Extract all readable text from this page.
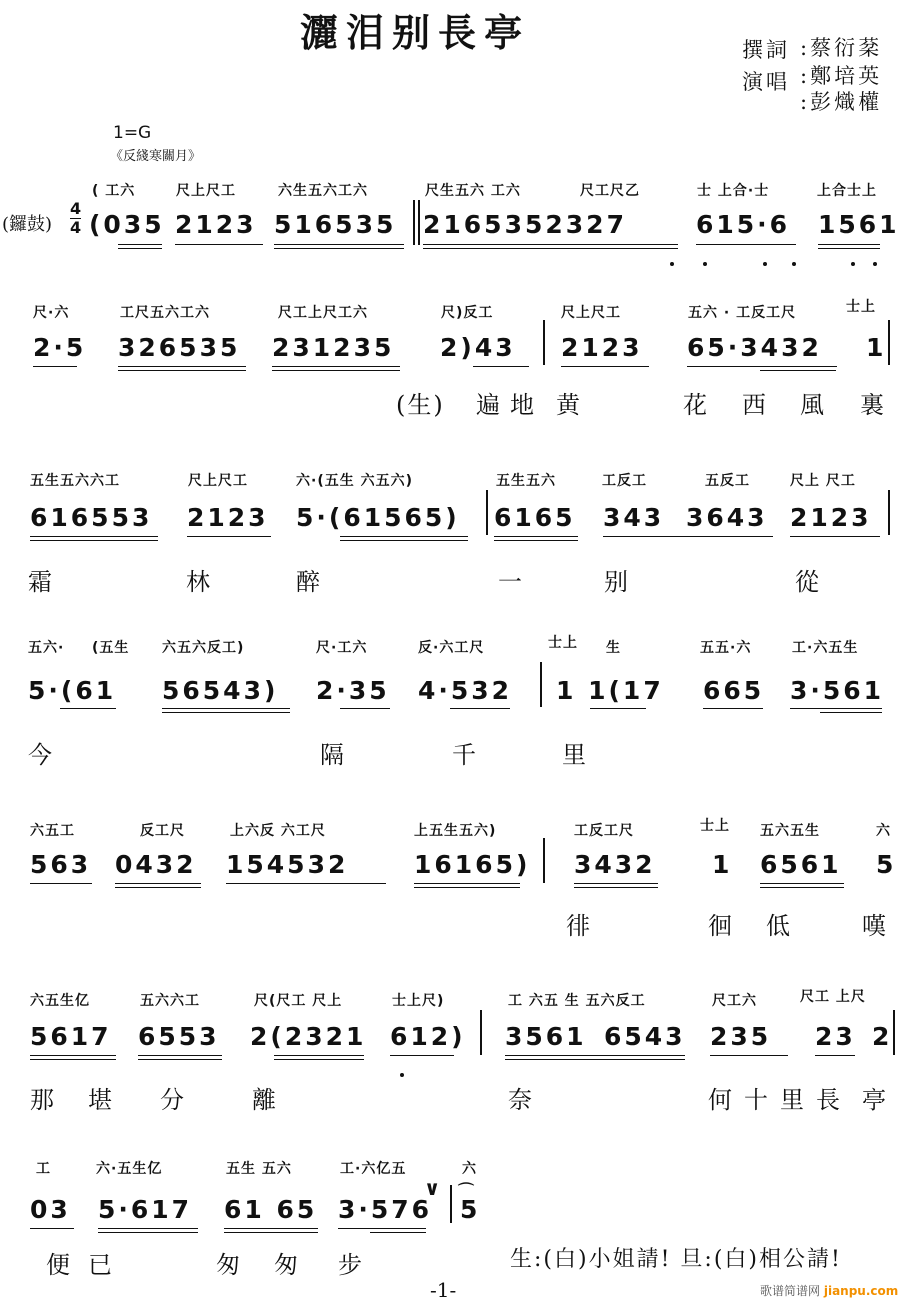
灑泪别長亭	撰詞 :蔡衍棻
演唱 :鄭培英
:彭熾權
1=G
《反綫寒關月》
(鑼鼓)
4
4
( 工六	尺上尺工	六生五六工六	尺生五六 工六	尺工尺乙	士 上合·士	上合士上
(035 2123 516535 21653 52327	615·6 1561
尺·六	工尺五六工六	尺工上尺工六	尺)反工	尺上尺工	五六 · 工反工尺	士上
2·5 326535 231235 2)43 2123 65·3432 1
(生) 遍 地 黄	花 西 風 裏
五生五六六工	尺上尺工	六·(五生 六五六)	五生五六	工反工	五反工	尺上 尺工
616553 2123 5·(61565) 6165 343 3643 2123
霜	林	醉	一	别	從
五六· (五生 六五六反工)	尺·工六	反·六工尺	士上 生	五五·六	工·六五生
5·(61 56543) 2·35 4·532 1 1(17 665 3·561
今	隔	千	里
六五工	反工尺	上六反 六工尺	上五生五六)	工反工尺	士上 五六五生	六
563 0432 154532	16165) 3432 1 6561 5
徘	徊 低	嘆
六五生亿	五六六工	尺(尺工 尺上	士上尺)	工 六五 生 五六反工	尺工六	尺工 上尺
5617 6553 2(2321 612) 3561 6543 235 23 2
那 堪 分	離	奈	何 十 里 長 亭
工	六·五生亿	五生 五六	工·六亿五	六
03 5·617 61 65 3·576
∨
5
⌒
便 已	匆 匆 步	生:(白)小姐請! 旦:(白)相公請!
-1-	歌谱简谱网 jianpu.com
